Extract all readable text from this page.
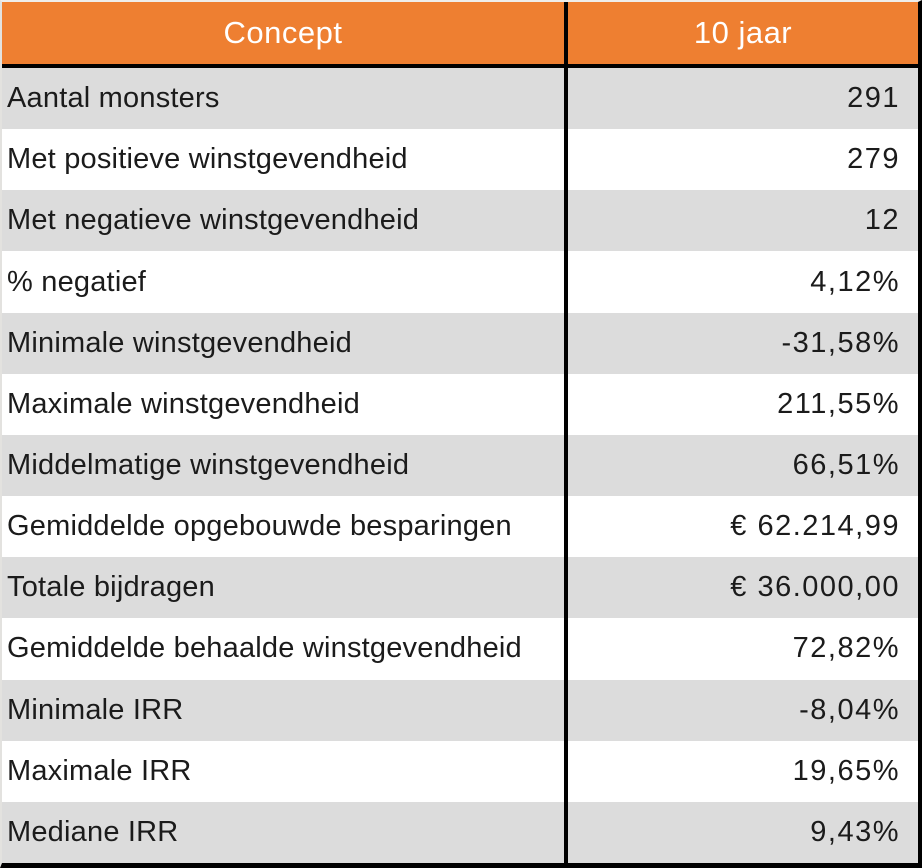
Concept	10 jaar
Aantal monsters	291
Met positieve winstgevendheid	279
Met negatieve winstgevendheid	12
% negatief	4,12%
Minimale winstgevendheid	-31,58%
Maximale winstgevendheid	211,55%
Middelmatige winstgevendheid	66,51%
Gemiddelde opgebouwde besparingen	€ 62.214,99
Totale bijdragen	€ 36.000,00
Gemiddelde behaalde winstgevendheid	72,82%
Minimale IRR	-8,04%
Maximale IRR	19,65%
Mediane IRR	9,43%
